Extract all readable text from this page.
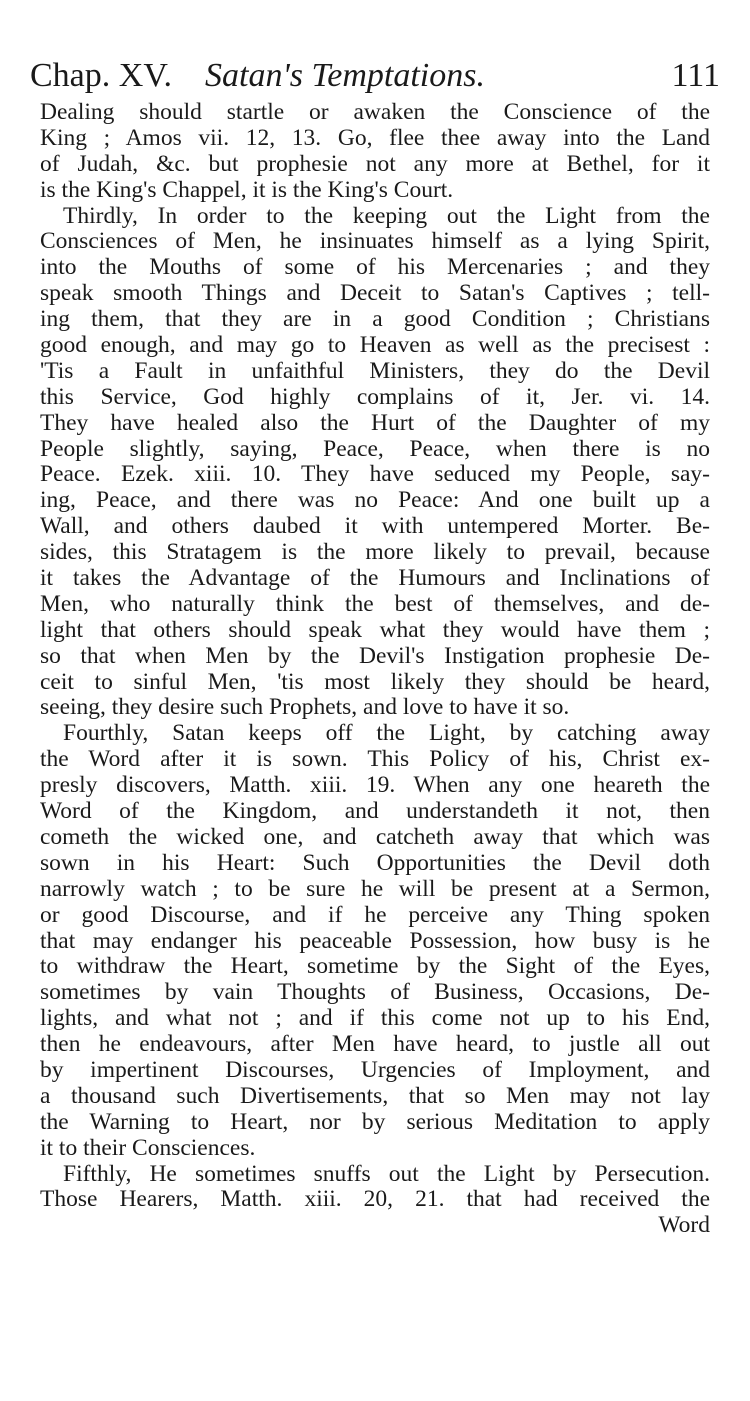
Chap. XV. Satan's Temptations.	111
Dealing should startle or awaken the Conscience of the
King ; Amos vii. 12, 13. Go, flee thee away into the Land
of Judah, &c. but prophesie not any more at Bethel, for it
is the King's Chappel, it is the King's Court.
Thirdly, In order to the keeping out the Light from the
Consciences of Men, he insinuates himself as a lying Spirit,
into the Mouths of some of his Mercenaries ; and they
speak smooth Things and Deceit to Satan's Captives ; tell-
ing them, that they are in a good Condition ; Christians
good enough, and may go to Heaven as well as the precisest :
'Tis a Fault in unfaithful Ministers, they do the Devil
this Service, God highly complains of it, Jer. vi. 14.
They have healed also the Hurt of the Daughter of my
People slightly, saying, Peace, Peace, when there is no
Peace. Ezek. xiii. 10. They have seduced my People, say-
ing, Peace, and there was no Peace: And one built up a
Wall, and others daubed it with untempered Morter. Be-
sides, this Stratagem is the more likely to prevail, because
it takes the Advantage of the Humours and Inclinations of
Men, who naturally think the best of themselves, and de-
light that others should speak what they would have them ;
so that when Men by the Devil's Instigation prophesie De-
ceit to sinful Men, 'tis most likely they should be heard,
seeing, they desire such Prophets, and love to have it so.
Fourthly, Satan keeps off the Light, by catching away
the Word after it is sown. This Policy of his, Christ ex-
presly discovers, Matth. xiii. 19. When any one heareth the
Word of the Kingdom, and understandeth it not, then
cometh the wicked one, and catcheth away that which was
sown in his Heart: Such Opportunities the Devil doth
narrowly watch ; to be sure he will be present at a Sermon,
or good Discourse, and if he perceive any Thing spoken
that may endanger his peaceable Possession, how busy is he
to withdraw the Heart, sometime by the Sight of the Eyes,
sometimes by vain Thoughts of Business, Occasions, De-
lights, and what not ; and if this come not up to his End,
then he endeavours, after Men have heard, to justle all out
by impertinent Discourses, Urgencies of Imployment, and
a thousand such Divertisements, that so Men may not lay
the Warning to Heart, nor by serious Meditation to apply
it to their Consciences.
Fifthly, He sometimes snuffs out the Light by Persecution.
Those Hearers, Matth. xiii. 20, 21. that had received the
Word
